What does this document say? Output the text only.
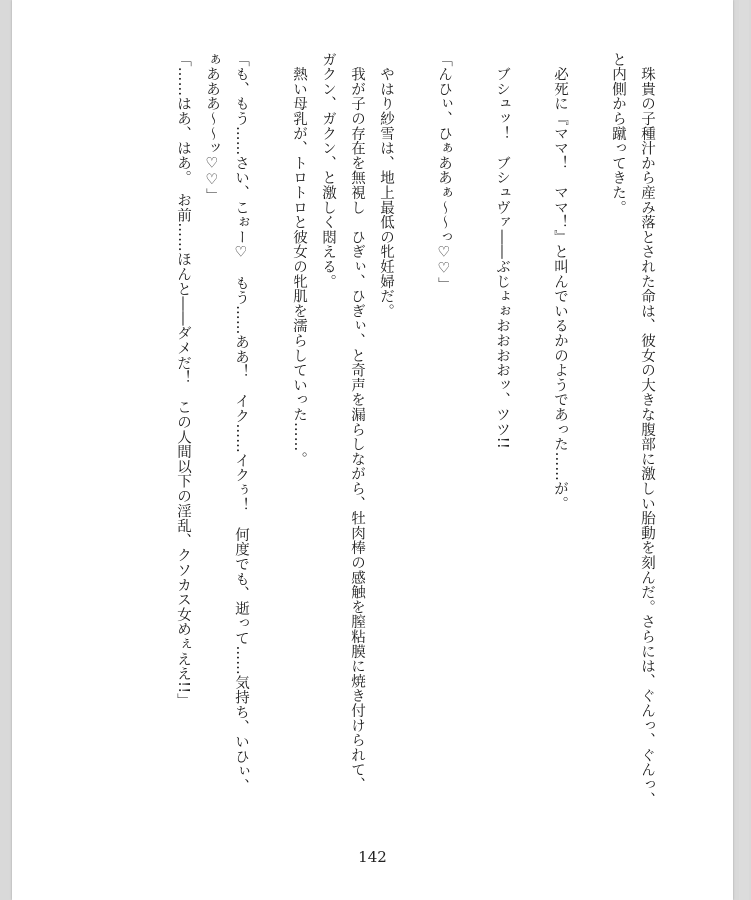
　珠貴の子種汁から産み落とされた命は、彼女の大きな腹部に激しい胎動を刻んだ。さらには、ぐんっ、ぐんっ、

と内側から蹴ってきた。

　必死に『ママ！　ママ！』と叫んでいるかのようであった……が。

　ブシュッ！　ブシュヴァ――ぶじょぉおおおおッ、ツツ!!

「んひぃ、ひぁああぁ～～っ♡♡」

　やはり紗雪は、地上最低の牝妊婦だ。

　我が子の存在を無視し　ひぎぃ、ひぎぃ、と奇声を漏らしながら、牡肉棒の感触を膣粘膜に焼き付けられて、

ガクン、ガクン、と激しく悶える。

　熱い母乳が、トロトロと彼女の牝肌を濡らしていった……。

「も、もう……さい、こぉー♡　もう……ああ！　イク……イクぅ！　何度でも、逝って……気持ち、いひぃ、

ぁあああ～～ッ♡♡」

「……はあ、はあ。　お前……ほんと――ダメだ！　この人間以下の淫乱、クソカス女めぇええ!!」

142
